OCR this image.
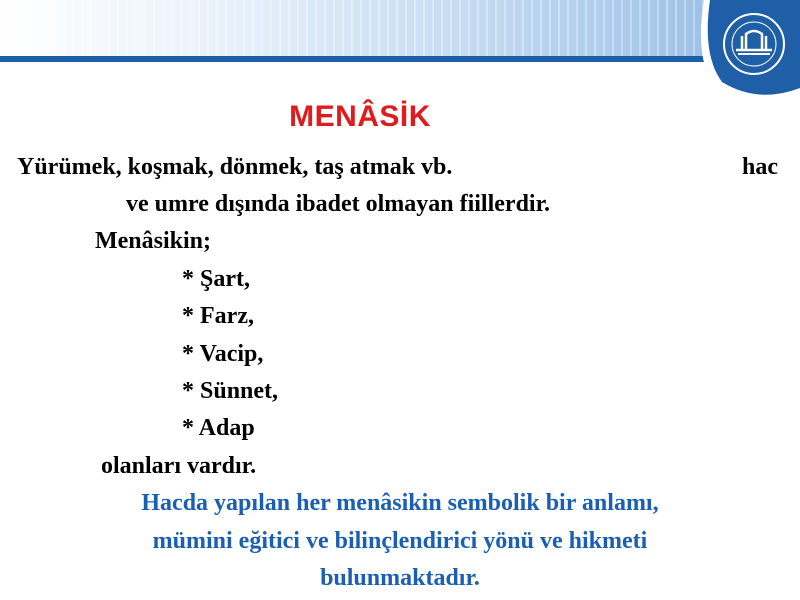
MENÂSİK
Yürümek, koşmak, dönmek, taş atmak vb.	hac
ve umre dışında ibadet olmayan fiillerdir.
Menâsikin;
* Şart,
* Farz,
* Vacip,
* Sünnet,
* Adap
olanları vardır.
Hacda yapılan her menâsikin sembolik bir anlamı,
mümini eğitici ve bilinçlendirici yönü ve hikmeti
bulunmaktadır.
